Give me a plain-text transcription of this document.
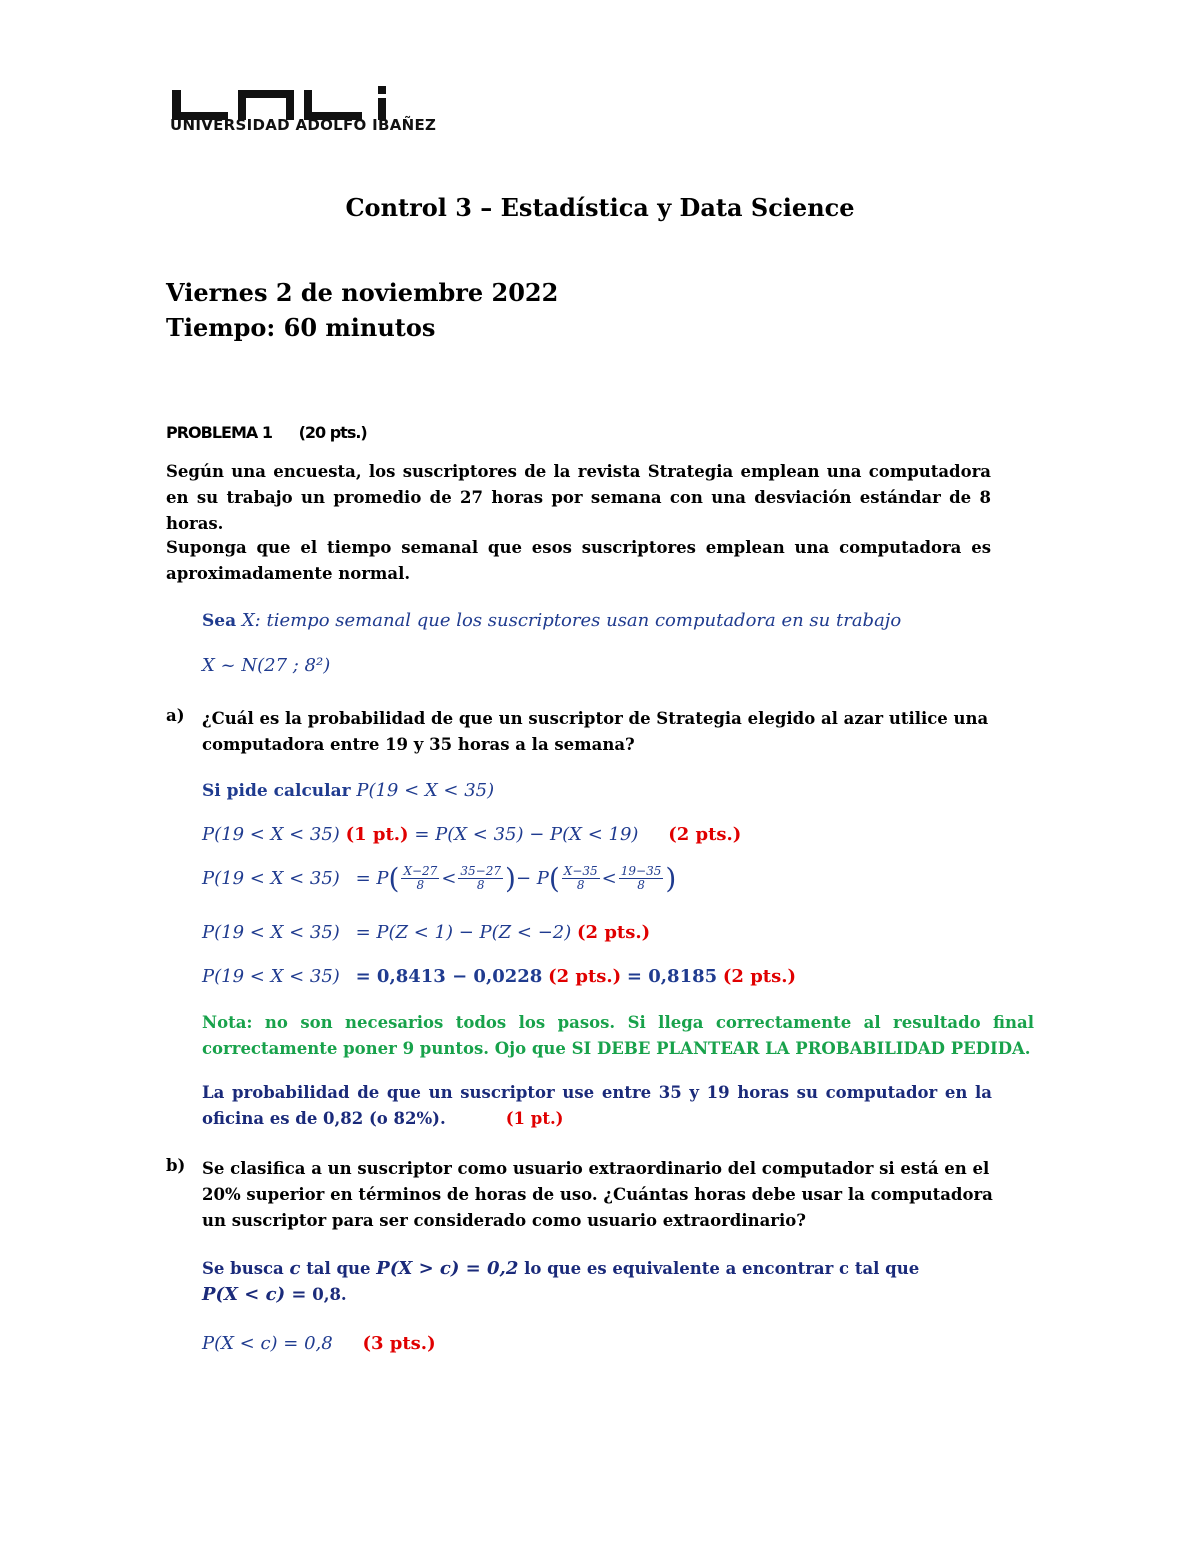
UNIVERSIDAD ADOLFO IBAÑEZ
Control 3 – Estadística y Data Science
Viernes 2 de noviembre 2022
Tiempo: 60 minutos
PROBLEMA 1 (20 pts.)

Según una encuesta, los suscriptores de la revista Strategia emplean una computadora en su trabajo un promedio de 27 horas por semana con una desviación estándar de 8 horas.

Suponga que el tiempo semanal que esos suscriptores emplean una computadora es aproximadamente normal.

Sea X: tiempo semanal que los suscriptores usan computadora en su trabajo
X ~ N(27 ; 8²)
a) ¿Cuál es la probabilidad de que un suscriptor de Strategia elegido al azar utilice una computadora entre 19 y 35 horas a la semana?
Si pide calcular P(19 < X < 35)
P(19 < X < 35) (1 pt.) = P(X < 35) − P(X < 19) (2 pts.)
$P(19 < X < 35) = P( \frac{X-27}{8} < \frac{35-27}{8}$ )− $P( \frac{X-35}{8} < \frac{19-35}{8}$ )
P(19 < X < 35) = P(Z < 1) − P(Z < −2) (2 pts.)
P(19 < X < 35) = 0,8413 − 0,0228 (2 pts.) = 0,8185 (2 pts.)

Nota: no son necesarios todos los pasos. Si llega correctamente al resultado final correctamente poner 9 puntos. Ojo que SI DEBE PLANTEAR LA PROBABILIDAD PEDIDA.

La probabilidad de que un suscriptor use entre 35 y 19 horas su computador en la oficina es de 0,82 (o 82%).	(1 pt.)

b) Se clasifica a un suscriptor como usuario extraordinario del computador si está en el 20% superior en términos de horas de uso. ¿Cuántas horas debe usar la computadora un suscriptor para ser considerado como usuario extraordinario?
Se busca c tal que P(X > c) = 0,2 lo que es equivalente a encontrar c tal que P(X < c) = 0,8.
P(X < c) = 0,8 (3 pts.)
